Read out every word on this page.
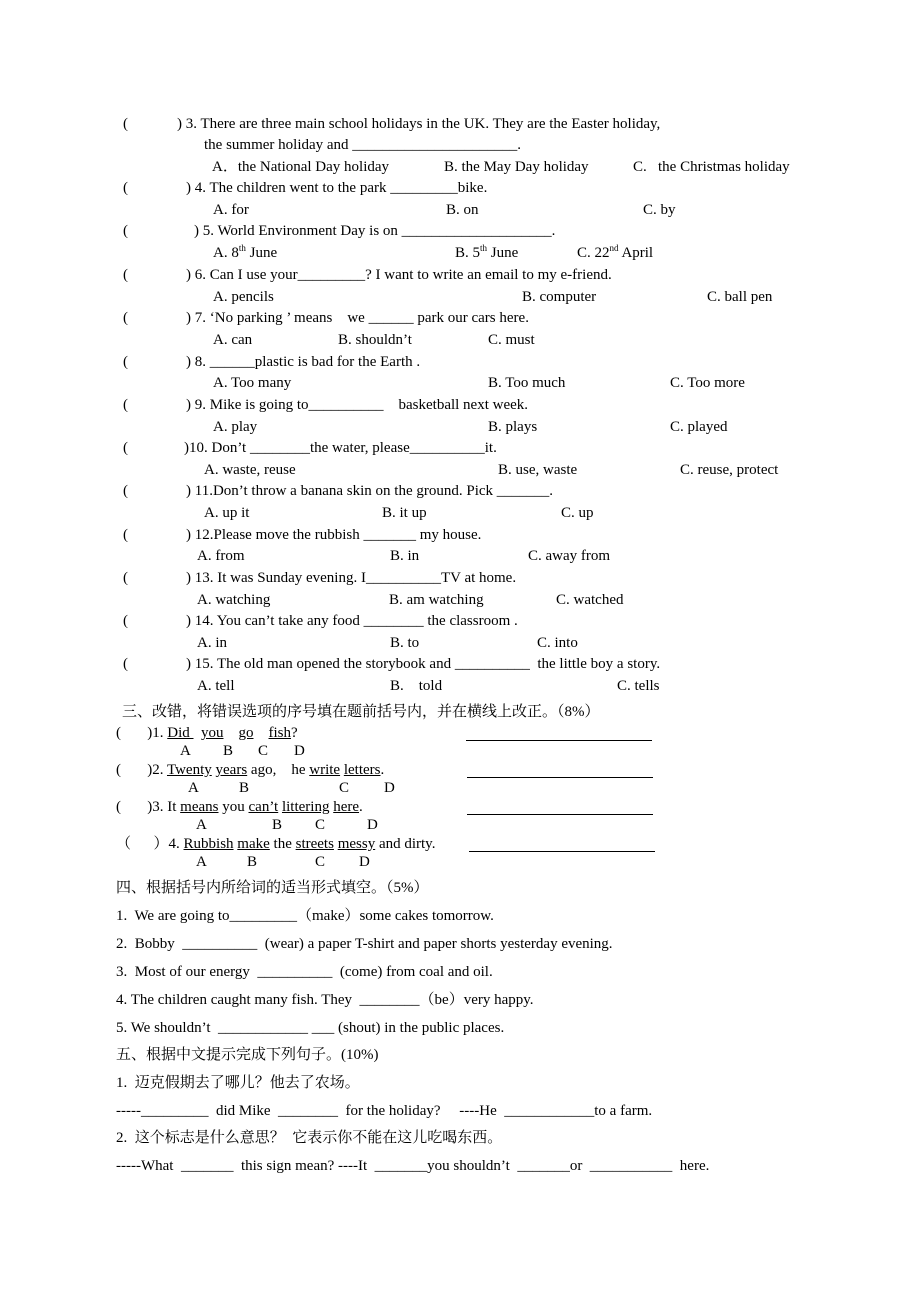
(	) 3. There are three main school holidays in the UK. They are the Easter holiday,
the summer holiday and ______________________.
A．the National Day holiday	B. the May Day holiday	C.   the Christmas holiday
(	) 4. The children went to the park _________bike.
A. for	B. on	C. by
(	) 5. World Environment Day is on ____________________.
A. 8th June	B. 5th June	C. 22nd April
(	) 6. Can I use your_________? I want to write an email to my e-friend.
A. pencils	B. computer	C. ball pen
(	) 7. ‘No parking ’ means    we ______ park our cars here.
A. can	B. shouldn’t	C. must
(	) 8. ______plastic is bad for the Earth .
A. Too many	B. Too much	C. Too more
(	) 9. Mike is going to__________    basketball next week.
A. play	B. plays	C. played
(	)10. Don’t ________the water, please__________it.
A. waste, reuse	B. use, waste	C. reuse, protect
(	) 11.Don’t throw a banana skin on the ground. Pick _______.
A. up it	B. it up	C. up
(	) 12.Please move the rubbish _______ my house.
A. from	B. in	C. away from
(	) 13. It was Sunday evening. I__________TV at home.
A. watching	B. am watching	C. watched
(	) 14. You can’t take any food ________ the classroom .
A. in	B. to	C. into
(	) 15. The old man opened the storybook and __________  the little boy a story.
A. tell	B.    told	C. tells
三、改错，将错误选项的序号填在题前括号内，并在横线上改正。（8%）
(       )1. Did   you go fish?
A B C D
(       )2. Twenty years ago,    he write letters.
A	B	C D
(       )3. It means you can’t littering here.
A	B C	D
（      ）4. Rubbish make the streets messy and dirty.
A	B	C D
四、根据括号内所给词的适当形式填空。（5%）
1.  We are going to_________（make）some cakes tomorrow.
2.  Bobby  __________  (wear) a paper T-shirt and paper shorts yesterday evening.
3.  Most of our energy  __________  (come) from coal and oil.
4. The children caught many fish. They  ________（be）very happy.
5. We shouldn’t  ____________ ___ (shout) in the public places.
五、根据中文提示完成下列句子。(10%)
1.  迈克假期去了哪儿？他去了农场。
-----_________  did Mike  ________  for the holiday?     ----He  ____________to a farm.
2.  这个标志是什么意思？  它表示你不能在这儿吃喝东西。
-----What  _______  this sign mean? ----It  _______you shouldn’t  _______or  ___________  here.
